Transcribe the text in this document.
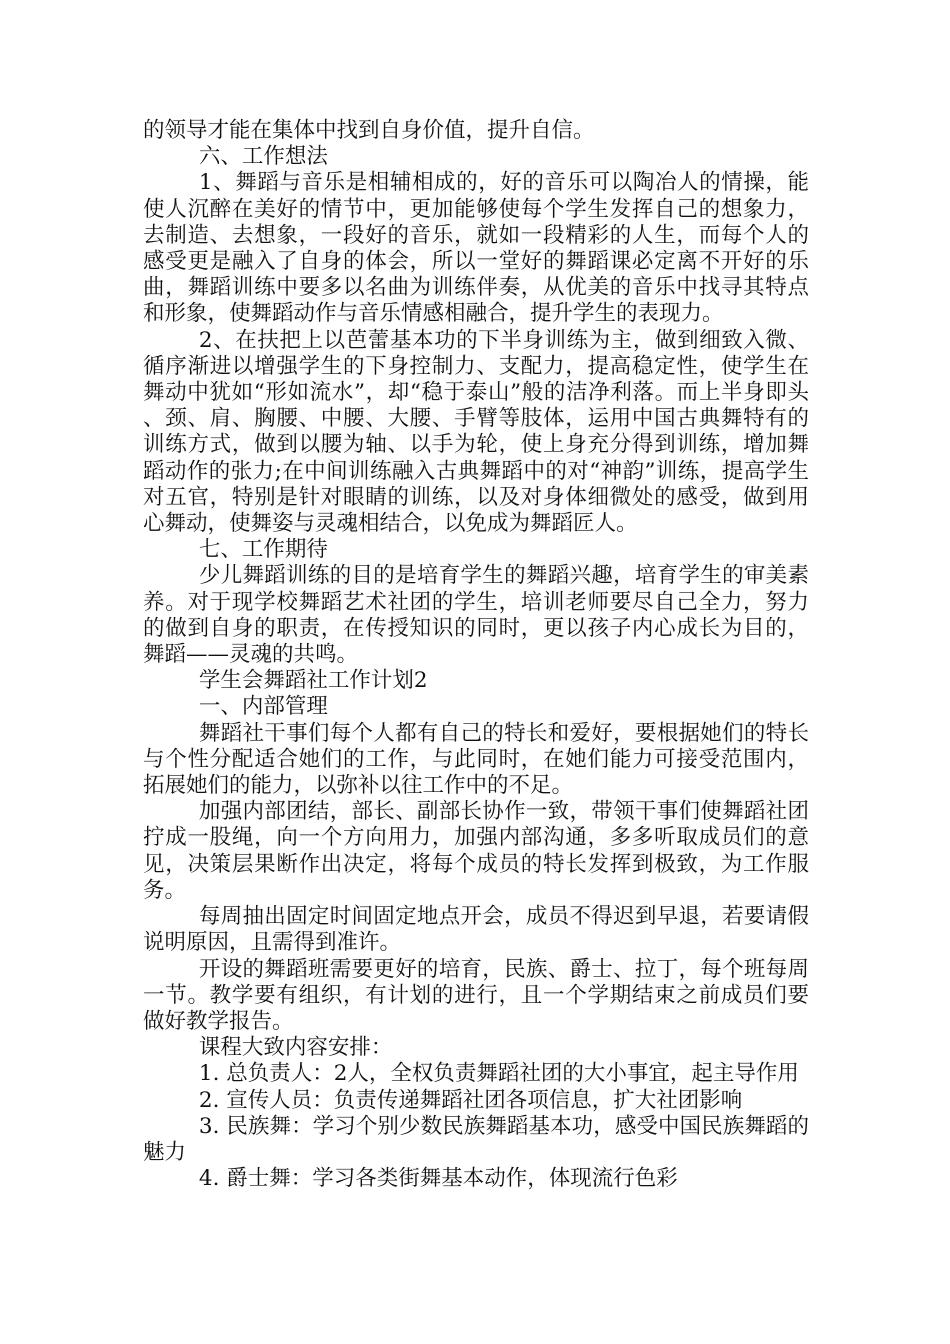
的领导才能在集体中找到自身价值，提升自信。

六、工作想法

1、舞蹈与音乐是相辅相成的，好的音乐可以陶冶人的情操，能使人沉醉在美好的情节中，更加能够使每个学生发挥自己的想象力，去制造、去想象，一段好的音乐，就如一段精彩的人生，而每个人的感受更是融入了自身的体会，所以一堂好的舞蹈课必定离不开好的乐曲，舞蹈训练中要多以名曲为训练伴奏，从优美的音乐中找寻其特点和形象，使舞蹈动作与音乐情感相融合，提升学生的表现力。

2、在扶把上以芭蕾基本功的下半身训练为主，做到细致入微、循序渐进以增强学生的下身控制力、支配力，提高稳定性，使学生在舞动中犹如“形如流水”，却“稳于泰山”般的洁净利落。而上半身即头、颈、肩、胸腰、中腰、大腰、手臂等肢体，运用中国古典舞特有的训练方式，做到以腰为轴、以手为轮，使上身充分得到训练，增加舞蹈动作的张力;在中间训练融入古典舞蹈中的对“神韵”训练，提高学生对五官，特别是针对眼睛的训练，以及对身体细微处的感受，做到用心舞动，使舞姿与灵魂相结合，以免成为舞蹈匠人。

七、工作期待

少儿舞蹈训练的目的是培育学生的舞蹈兴趣，培育学生的审美素养。对于现学校舞蹈艺术社团的学生，培训老师要尽自己全力，努力的做到自身的职责，在传授知识的同时，更以孩子内心成长为目的，舞蹈——灵魂的共鸣。

学生会舞蹈社工作计划2

一、内部管理

舞蹈社干事们每个人都有自己的特长和爱好，要根据她们的特长与个性分配适合她们的工作，与此同时，在她们能力可接受范围内，拓展她们的能力，以弥补以往工作中的不足。

加强内部团结，部长、副部长协作一致，带领干事们使舞蹈社团拧成一股绳，向一个方向用力，加强内部沟通，多多听取成员们的意见，决策层果断作出决定，将每个成员的特长发挥到极致，为工作服务。

每周抽出固定时间固定地点开会，成员不得迟到早退，若要请假说明原因，且需得到准许。

开设的舞蹈班需要更好的培育，民族、爵士、拉丁，每个班每周一节。教学要有组织，有计划的进行，且一个学期结束之前成员们要做好教学报告。

课程大致内容安排：

1. 总负责人：2人，全权负责舞蹈社团的大小事宜，起主导作用

2. 宣传人员：负责传递舞蹈社团各项信息，扩大社团影响

3. 民族舞：学习个别少数民族舞蹈基本功，感受中国民族舞蹈的魅力

4. 爵士舞：学习各类街舞基本动作，体现流行色彩
